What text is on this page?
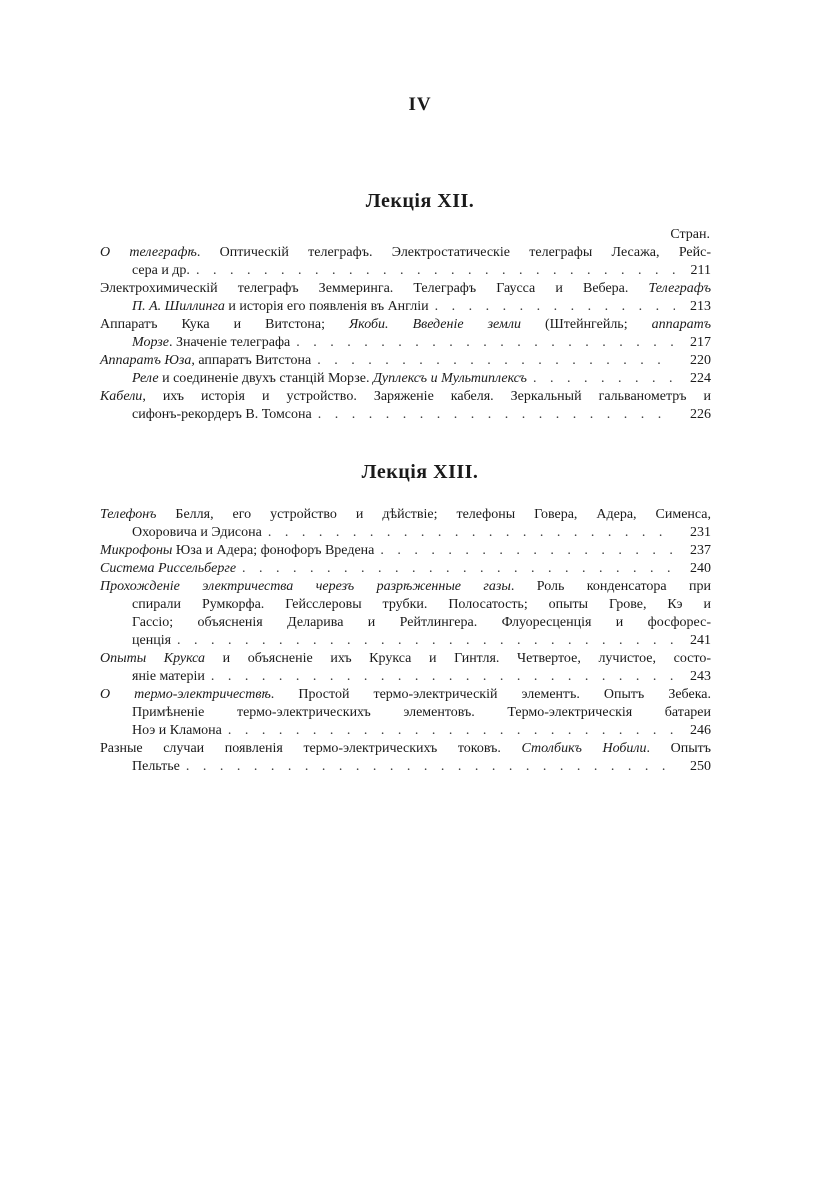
IV
Лекція XII.
Стран.
О телеграфѣ. Оптическій телеграфъ. Электростатическіе телеграфы Лесажа, Рейс-
сера и др. . . .	211
Электрохимическій телеграфъ Земмеринга. Телеграфъ Гаусса и Вебера. Телеграфъ
П. А. Шиллинга и исторія его появленія въ Англіи . . .	213
Аппаратъ Кука и Витстона; Якоби. Введеніе земли (Штейнгейль; аппаратъ
Морзе. Значеніе телеграфа . . .	217
Аппаратъ Юза, аппаратъ Витстона . . .	220
Реле и соединеніе двухъ станцій Морзе. Дуплексъ и Мультиплексъ . . .	224
Кабели, ихъ исторія и устройство. Заряженіе кабеля. Зеркальный гальванометръ и
сифонъ-рекордеръ В. Томсона . . .	226
Лекція XIII.
Телефонъ Белля, его устройство и дѣйствіе; телефоны Говера, Адера, Сименса,
Охоровича и Эдисона . . .	231
Микрофоны Юза и Адера; фонофоръ Вредена . . .	237
Система Риссельберге . . .	240
Прохожденіе электричества черезъ разрѣженные газы. Роль конденсатора при
спирали Румкорфа. Гейсслеровы трубки. Полосатость; опыты Грове, Кэ и
Гассіо; объясненія Деларива и Рейтлингера. Флуоресценція и фосфорес-
ценція . . .	241
Опыты Крукса и объясненіе ихъ Крукса и Гинтля. Четвертое, лучистое, состо-
яніе матеріи . . .	243
О термо-электричествѣ. Простой термо-электрическій элементъ. Опытъ Зебека.
Примѣненіе термо-электрическихъ элементовъ. Термо-электрическія батареи
Ноэ и Кламона . . .	246
Разные случаи появленія термо-электрическихъ токовъ. Столбикъ Нобили. Опытъ
Пельтье . . .	250
